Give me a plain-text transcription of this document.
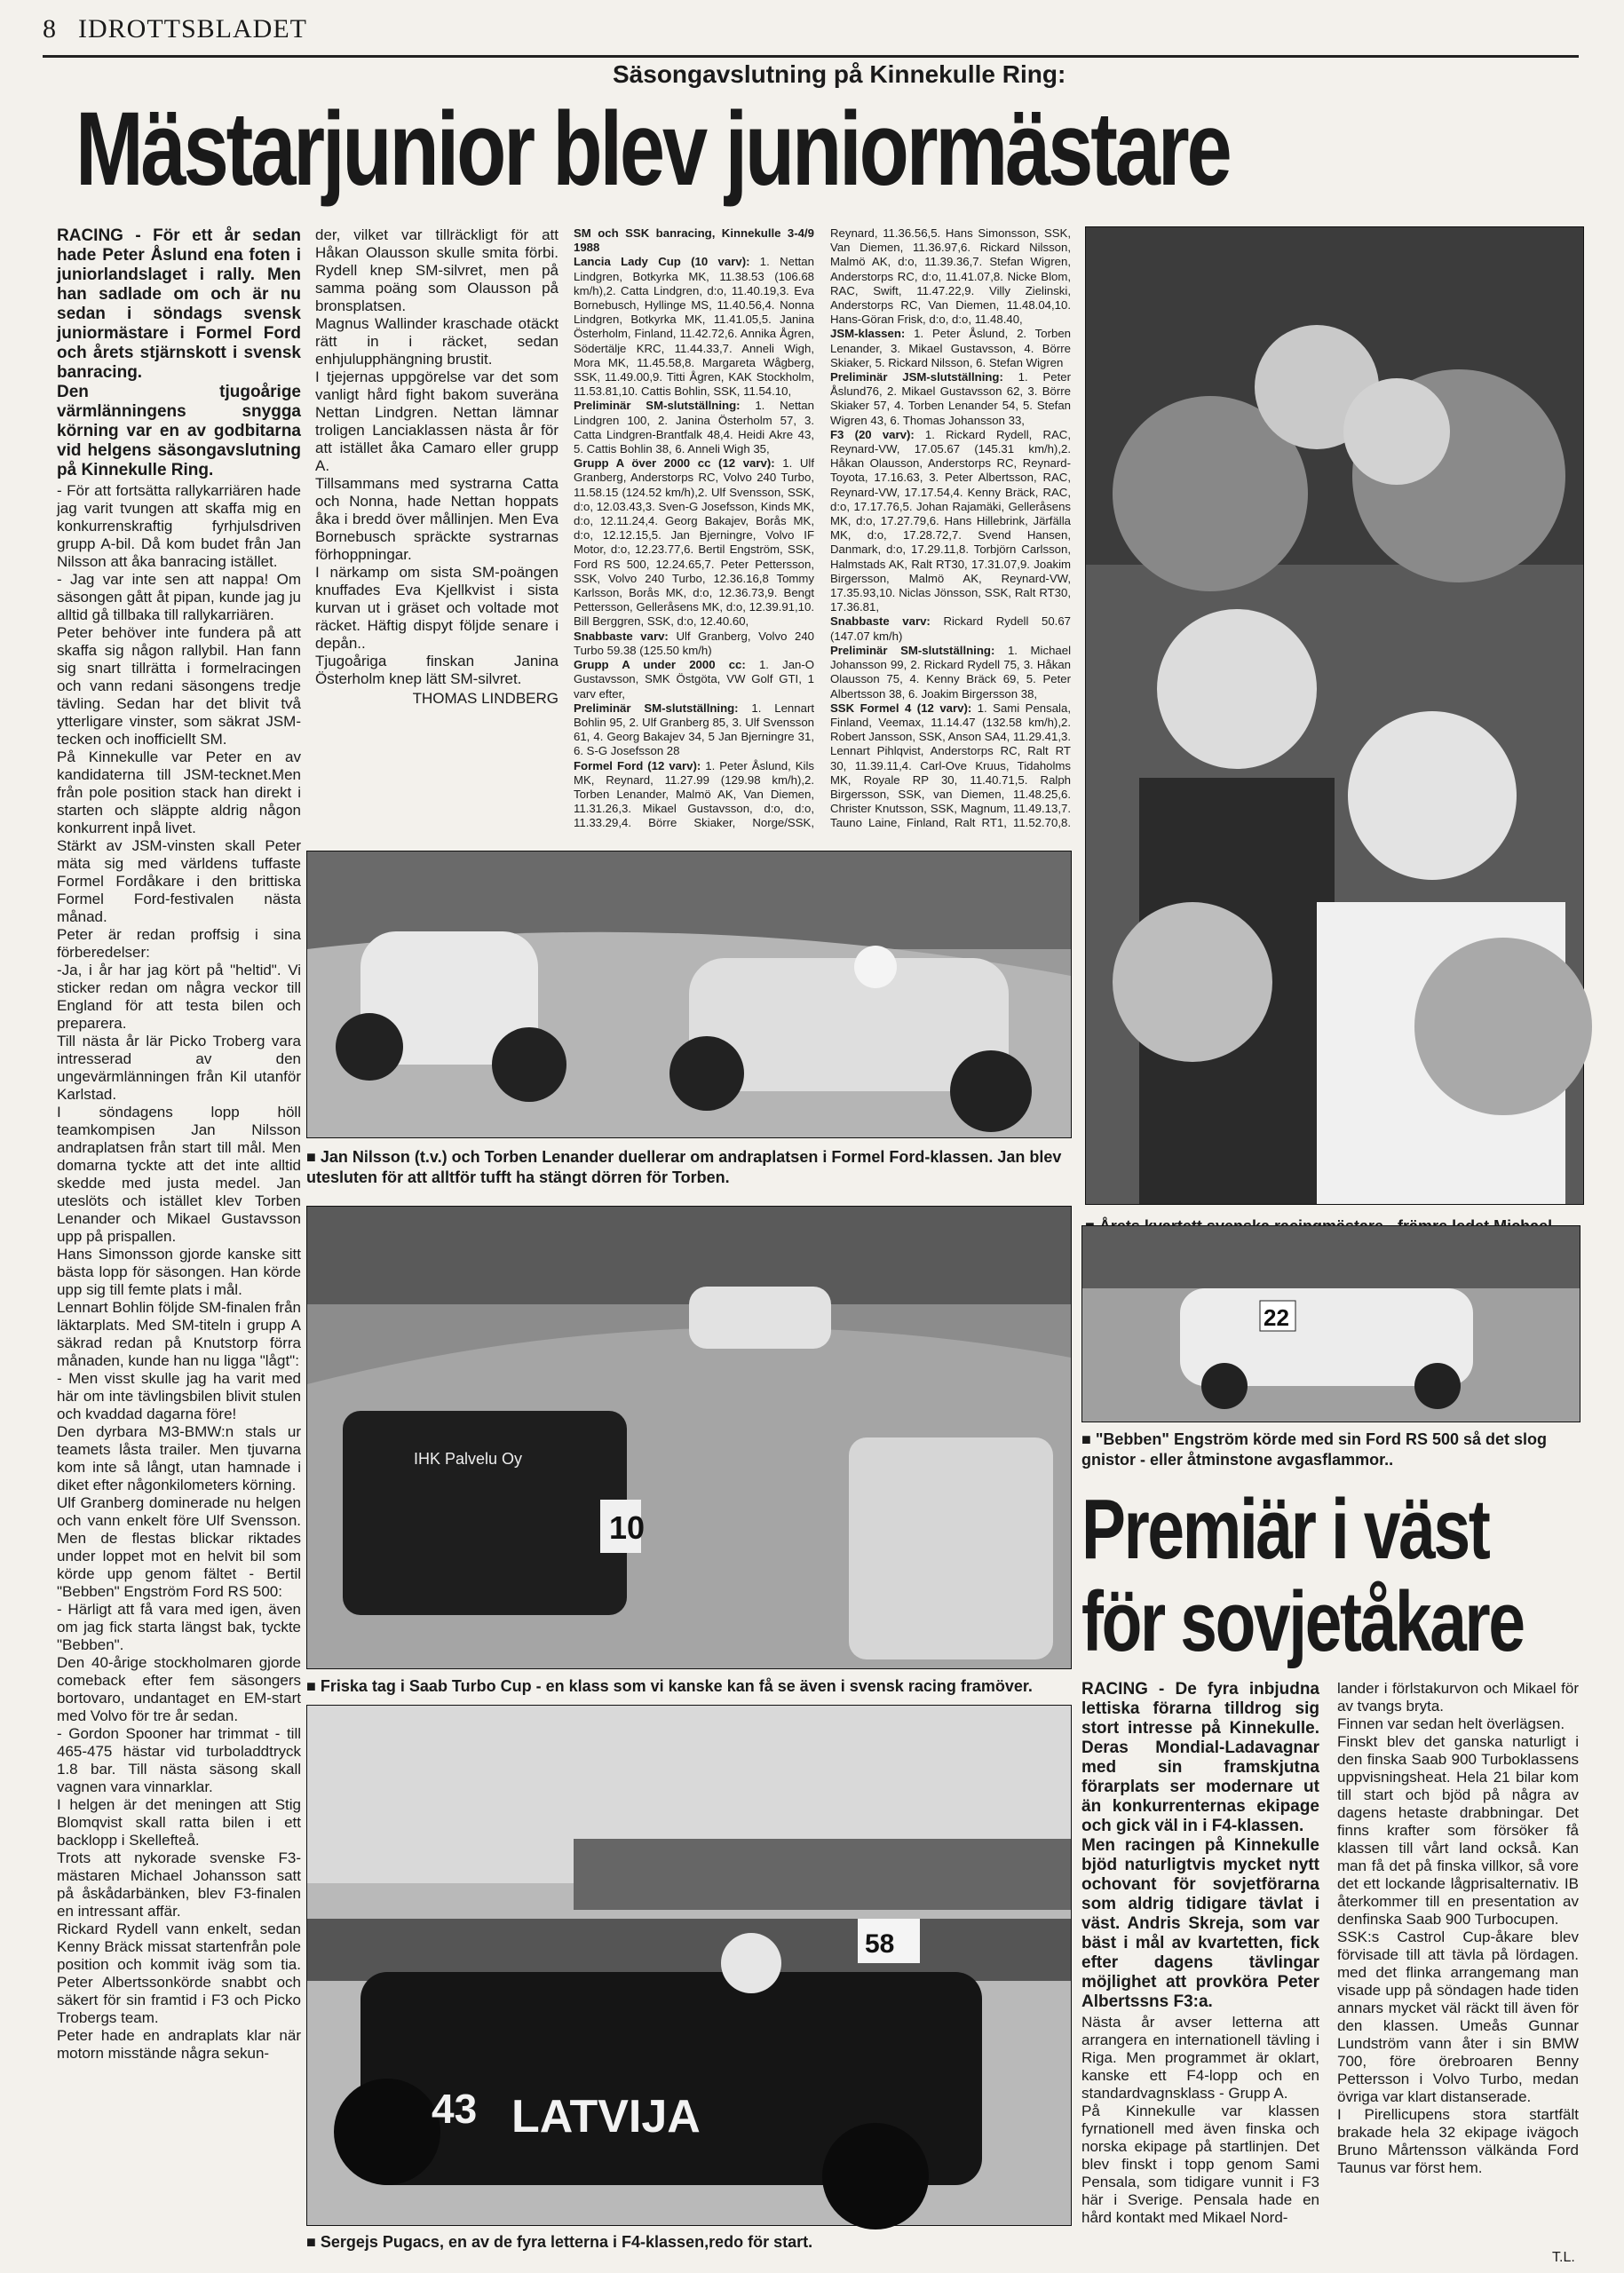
8 IDROTTSBLADET
Säsongavslutning på Kinnekulle Ring:
Mästarjunior blev juniormästare

RACING - För ett år sedan hade Peter Åslund ena foten i juniorlandslaget i rally. Men han sadlade om och är nu sedan i söndags svensk juniormästare i Formel Ford och årets stjärnskott i svensk banracing.
Den tjugoårige värmlänningens snygga körning var en av godbitarna vid helgens säsongavslutning på Kinnekulle Ring.

- För att fortsätta rallykarriären hade jag varit tvungen att skaffa mig en konkurrenskraftig fyrhjulsdriven grupp A-bil. Då kom budet från Jan Nilsson att åka banracing istället.
- Jag var inte sen att nappa! Om säsongen gått åt pipan, kunde jag ju alltid gå tillbaka till rallykarriären.
Peter behöver inte fundera på att skaffa sig någon rallybil. Han fann sig snart tillrätta i formelracingen och vann redani säsongens tredje tävling. Sedan har det blivit två ytterligare vinster, som säkrat JSM-tecken och inofficiellt SM.
På Kinnekulle var Peter en av kandidaterna till JSM-tecknet.Men från pole position stack han direkt i starten och släppte aldrig någon konkurrent inpå livet.
Stärkt av JSM-vinsten skall Peter mäta sig med världens tuffaste Formel Fordåkare i den brittiska Formel Ford-festivalen nästa månad.
Peter är redan proffsig i sina förberedelser:
-Ja, i år har jag kört på "heltid". Vi sticker redan om några veckor till England för att testa bilen och preparera.
Till nästa år lär Picko Troberg vara intresserad av den ungevärmlänningen från Kil utanför Karlstad.
I söndagens lopp höll teamkompisen Jan Nilsson andraplatsen från start till mål. Men domarna tyckte att det inte alltid skedde med justa medel. Jan uteslöts och istället klev Torben Lenander och Mikael Gustavsson upp på prispallen.
Hans Simonsson gjorde kanske sitt bästa lopp för säsongen. Han körde upp sig till femte plats i mål.
Lennart Bohlin följde SM-finalen från läktarplats. Med SM-titeln i grupp A säkrad redan på Knutstorp förra månaden, kunde han nu ligga "lågt":
- Men visst skulle jag ha varit med här om inte tävlingsbilen blivit stulen och kvaddad dagarna före!
Den dyrbara M3-BMW:n stals ur teamets låsta trailer. Men tjuvarna kom inte så långt, utan hamnade i diket efter någonkilometers körning.
Ulf Granberg dominerade nu helgen och vann enkelt före Ulf Svensson. Men de flestas blickar riktades under loppet mot en helvit bil som körde upp genom fältet - Bertil "Bebben" Engström Ford RS 500:
- Härligt att få vara med igen, även om jag fick starta längst bak, tyckte "Bebben".
Den 40-årige stockholmaren gjorde comeback efter fem säsongers bortovaro, undantaget en EM-start med Volvo för tre år sedan.
- Gordon Spooner har trimmat - till 465-475 hästar vid turboladdtryck 1.8 bar. Till nästa säsong skall vagnen vara vinnarklar.
I helgen är det meningen att Stig Blomqvist skall ratta bilen i ett backlopp i Skellefteå.
Trots att nykorade svenske F3-mästaren Michael Johansson satt på åskådarbänken, blev F3-finalen en intressant affär.
Rickard Rydell vann enkelt, sedan Kenny Bräck missat startenfrån pole position och kommit iväg som tia. Peter Albertssonkörde snabbt och säkert för sin framtid i F3 och Picko Trobergs team.
Peter hade en andraplats klar när motorn misstände några sekun-

der, vilket var tillräckligt för att Håkan Olausson skulle smita förbi. Rydell knep SM-silvret, men på samma poäng som Olausson på bronsplatsen.
Magnus Wallinder kraschade otäckt rätt in i räcket, sedan enhjulupphängning brustit.
I tjejernas uppgörelse var det som vanligt hård fight bakom suveräna Nettan Lindgren. Nettan lämnar troligen Lanciaklassen nästa år för att istället åka Camaro eller grupp A.
Tillsammans med systrarna Catta och Nonna, hade Nettan hoppats åka i bredd över mållinjen. Men Eva Bornebusch spräckte systrarnas förhoppningar.
I närkamp om sista SM-poängen knuffades Eva Kjellkvist i sista kurvan ut i gräset och voltade mot räcket. Häftig dispyt följde senare i depån..
Tjugoåriga finskan Janina Österholm knep lätt SM-silvret.

THOMAS LINDBERG

SM och SSK banracing, Kinnekulle 3-4/9 1988
Lancia Lady Cup (10 varv): 1. Nettan Lindgren, Botkyrka MK, 11.38.53 (106.68 km/h),2. Catta Lindgren, d:o, 11.40.19,3. Eva Bornebusch, Hyllinge MS, 11.40.56,4. Nonna Lindgren, Botkyrka MK, 11.41.05,5. Janina Österholm, Finland, 11.42.72,6. Annika Ågren, Södertälje KRC, 11.44.33,7. Anneli Wigh, Mora MK, 11.45.58,8. Margareta Wågberg, SSK, 11.49.00,9. Titti Ågren, KAK Stockholm, 11.53.81,10. Cattis Bohlin, SSK, 11.54.10,
Preliminär SM-slutställning: 1. Nettan Lindgren 100, 2. Janina Österholm 57, 3. Catta Lindgren-Brantfalk 48,4. Heidi Akre 43, 5. Cattis Bohlin 38, 6. Anneli Wigh 35,
Grupp A över 2000 cc (12 varv): 1. Ulf Granberg, Anderstorps RC, Volvo 240 Turbo, 11.58.15 (124.52 km/h),2. Ulf Svensson, SSK, d:o, 12.03.43,3. Sven-G Josefsson, Kinds MK, d:o, 12.11.24,4. Georg Bakajev, Borås MK, d:o, 12.12.15,5. Jan Bjerningre, Volvo IF Motor, d:o, 12.23.77,6. Bertil Engström, SSK, Ford RS 500, 12.24.65,7. Peter Pettersson, SSK, Volvo 240 Turbo, 12.36.16,8 Tommy Karlsson, Borås MK, d:o, 12.36.73,9. Bengt Pettersson, Gelleråsens MK, d:o, 12.39.91,10. Bill Berggren, SSK, d:o, 12.40.60,
Snabbaste varv: Ulf Granberg, Volvo 240 Turbo 59.38 (125.50 km/h)
Grupp A under 2000 cc: 1. Jan-O Gustavsson, SMK Östgöta, VW Golf GTI, 1 varv efter,
Preliminär SM-slutställning: 1. Lennart Bohlin 95, 2. Ulf Granberg 85, 3. Ulf Svensson 61, 4. Georg Bakajev 34, 5 Jan Bjerningre 31, 6. S-G Josefsson 28
Formel Ford (12 varv): 1. Peter Åslund, Kils MK, Reynard, 11.27.99 (129.98 km/h),2. Torben Lenander, Malmö AK, Van Diemen, 11.31.26,3. Mikael Gustavsson, d:o, d:o, 11.33.29,4. Börre Skiaker, Norge/SSK, Reynard, 11.36.56,5. Hans Simonsson, SSK, Van Diemen, 11.36.97,6. Rickard Nilsson, Malmö AK, d:o, 11.39.36,7. Stefan Wigren, Anderstorps RC, d:o, 11.41.07,8. Nicke Blom, RAC, Swift, 11.47.22,9. Villy Zielinski, Anderstorps RC, Van Diemen, 11.48.04,10. Hans-Göran Frisk, d:o, d:o, 11.48.40,
JSM-klassen: 1. Peter Åslund, 2. Torben Lenander, 3. Mikael Gustavsson, 4. Börre Skiaker, 5. Rickard Nilsson, 6. Stefan Wigren
Preliminär JSM-slutställning: 1. Peter Åslund76, 2. Mikael Gustavsson 62, 3. Börre Skiaker 57, 4. Torben Lenander 54, 5. Stefan Wigren 43, 6. Thomas Johansson 33,
F3 (20 varv): 1. Rickard Rydell, RAC, Reynard-VW, 17.05.67 (145.31 km/h),2. Håkan Olausson, Anderstorps RC, Reynard-Toyota, 17.16.63, 3. Peter Albertsson, RAC, Reynard-VW, 17.17.54,4. Kenny Bräck, RAC, d:o, 17.17.76,5. Johan Rajamäki, Gelleråsens MK, d:o, 17.27.79,6. Hans Hillebrink, Järfälla MK, d:o, 17.28.72,7. Svend Hansen, Danmark, d:o, 17.29.11,8. Torbjörn Carlsson, Halmstads AK, Ralt RT30, 17.31.07,9. Joakim Birgersson, Malmö AK, Reynard-VW, 17.35.93,10. Niclas Jönsson, SSK, Ralt RT30, 17.36.81,
Snabbaste varv: Rickard Rydell 50.67 (147.07 km/h)
Preliminär SM-slutställning: 1. Michael Johansson 99, 2. Rickard Rydell 75, 3. Håkan Olausson 75, 4. Kenny Bräck 69, 5. Peter Albertsson 38, 6. Joakim Birgersson 38,
SSK Formel 4 (12 varv): 1. Sami Pensala, Finland, Veemax, 11.14.47 (132.58 km/h),2. Robert Jansson, SSK, Anson SA4, 11.29.41,3. Lennart Pihlqvist, Anderstorps RC, Ralt RT 30, 11.39.11,4. Carl-Ove Kruus, Tidaholms MK, Royale RP 30, 11.40.71,5. Ralph Birgersson, SSK, van Diemen, 11.48.25,6. Christer Knutsson, SSK, Magnum, 11.49.13,7. Tauno Laine, Finland, Ralt RT1, 11.52.70,8.
■ Jan Nilsson (t.v.) och Torben Lenander duellerar om andraplatsen i Formel Ford-klassen. Jan blev utesluten för att alltför tufft ha stängt dörren för Torben.
10
IHK Palvelu Oy
■ Friska tag i Saab Turbo Cup - en klass som vi kanske kan få se även i svensk racing framöver.
58
43 LATVIJA
■ Sergejs Pugacs, en av de fyra letterna i F4-klassen,redo för start.
22
■ "Bebben" Engström körde med sin Ford RS 500 så det slog gnistor - eller åtminstone avgasflammor..
Premiär i väst
för sovjetåkare

RACING - De fyra inbjudna lettiska förarna tilldrog sig stort intresse på Kinnekulle. Deras Mondial-Ladavagnar med sin framskjutna förarplats ser modernare ut än konkurrenternas ekipage och gick väl in i F4-klassen.
Men racingen på Kinnekulle bjöd naturligtvis mycket nytt ochovant för sovjetförarna som aldrig tidigare tävlat i väst. Andris Skreja, som var bäst i mål av kvartetten, fick efter dagens tävlingar möjlighet att provköra Peter Albertssns F3:a.

Nästa år avser letterna att arrangera en internationell tävling i Riga. Men programmet är oklart, kanske ett F4-lopp och en standardvagnsklass - Grupp A.
På Kinnekulle var klassen fyrnationell med även finska och norska ekipage på startlinjen. Det blev finskt i topp genom Sami Pensala, som tidigare vunnit i F3 här i Sverige. Pensala hade en hård kontakt med Mikael Nord-

lander i förlstakurvon och Mikael för av tvangs bryta.
Finnen var sedan helt överlägsen.
Finskt blev det ganska naturligt i den finska Saab 900 Turboklassens uppvisningsheat. Hela 21 bilar kom till start och bjöd på några av dagens hetaste drabbningar. Det finns krafter som försöker få klassen till vårt land också. Kan man få det på finska villkor, så vore det ett lockande lågprisalternativ. IB återkommer till en presentation av denfinska Saab 900 Turbocupen.
SSK:s Castrol Cup-åkare blev förvisade till att tävla på lördagen. med det flinka arrangemang man visade upp på söndagen hade tiden annars mycket väl räckt till även för den klassen. Umeås Gunnar Lundström vann åter i sin BMW 700, före örebroaren Benny Pettersson i Volvo Turbo, medan övriga var klart distanserade.
I Pirellicupens stora startfält brakade hela 32 ekipage ivägoch Bruno Mårtensson välkända Ford Taunus var först hem.

T.L.
